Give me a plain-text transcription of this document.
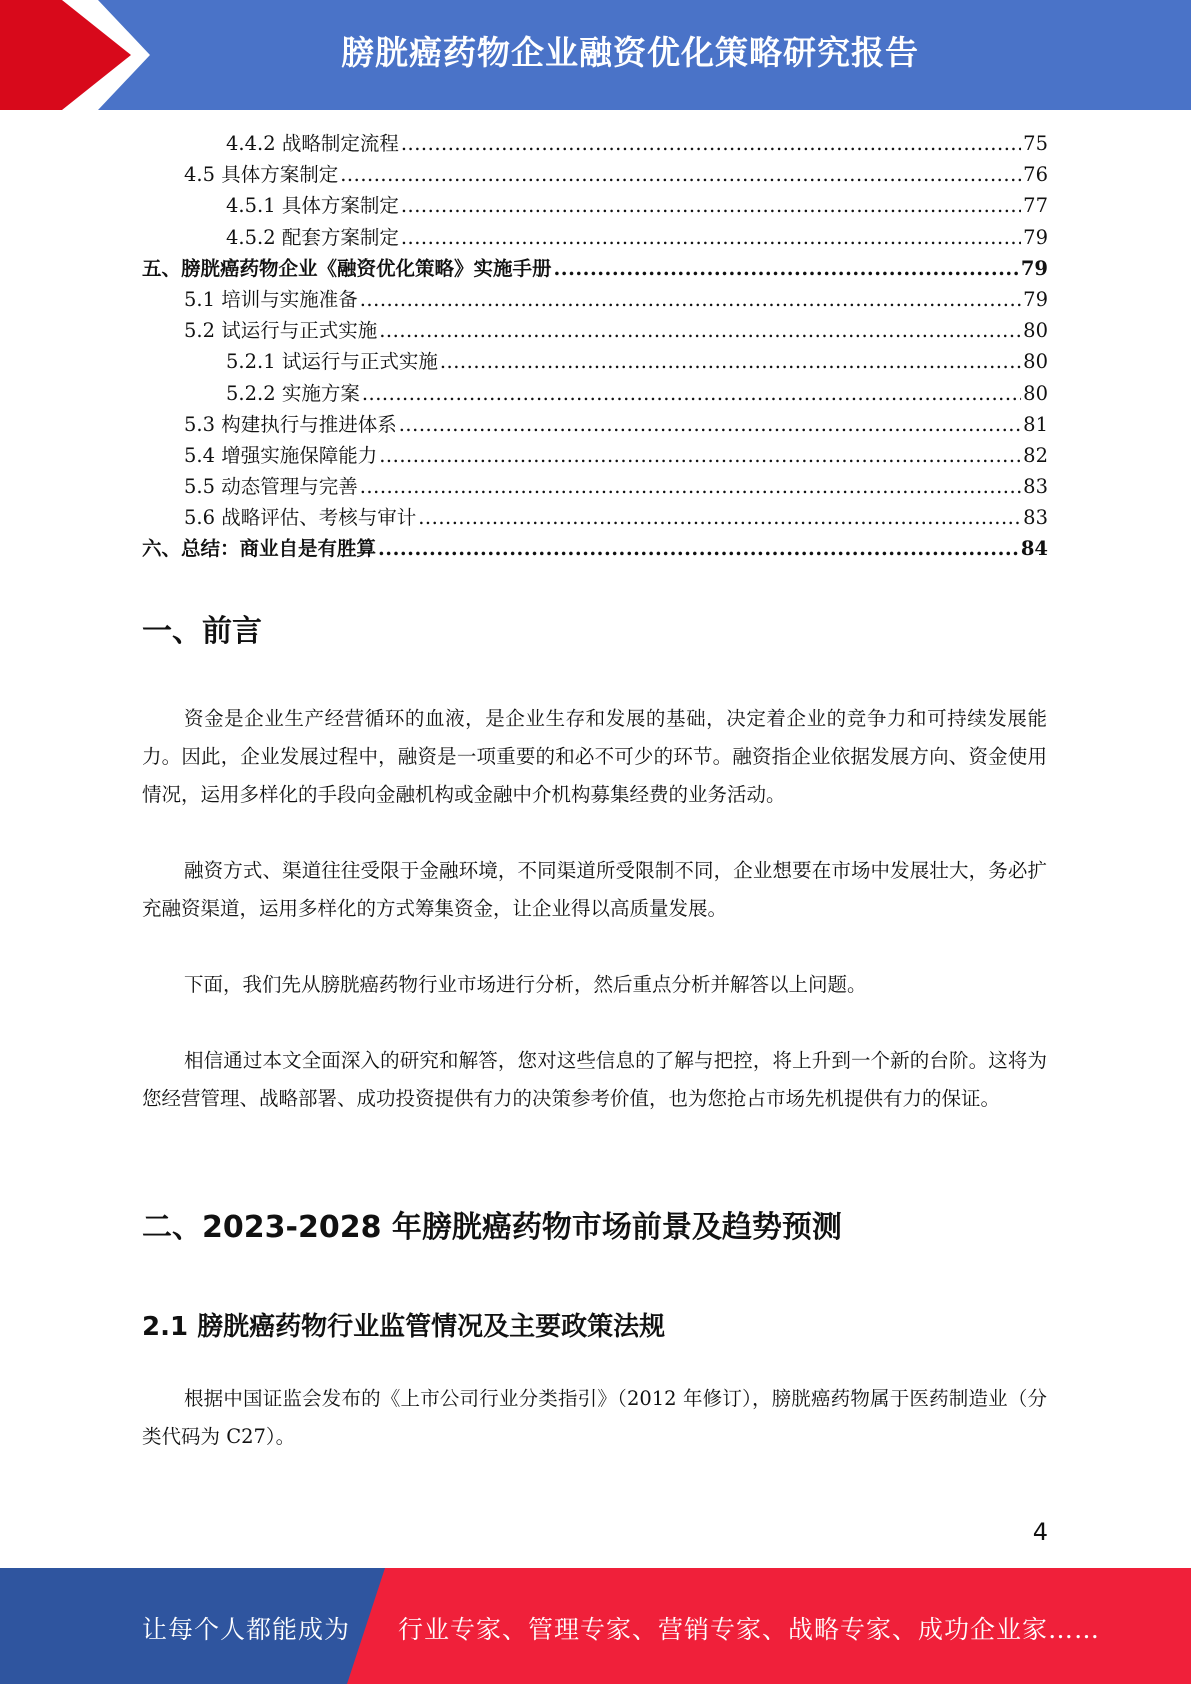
膀胱癌药物企业融资优化策略研究报告
4.4.2 战略制定流程 .....	75
4.5 具体方案制定 .....	76
4.5.1 具体方案制定 .....	77
4.5.2 配套方案制定 .....	79
五、膀胱癌药物企业《融资优化策略》实施手册 .....	79
5.1 培训与实施准备 .....	79
5.2 试运行与正式实施 .....	80
5.2.1 试运行与正式实施 .....	80
5.2.2 实施方案 .....	80
5.3 构建执行与推进体系 .....	81
5.4 增强实施保障能力 .....	82
5.5 动态管理与完善 .....	83
5.6 战略评估、考核与审计 .....	83
六、总结：商业自是有胜算 .....	84
一、前言

资金是企业生产经营循环的血液，是企业生存和发展的基础，决定着企业的竞争力和可持续发展能力。因此，企业发展过程中，融资是一项重要的和必不可少的环节。融资指企业依据发展方向、资金使用情况，运用多样化的手段向金融机构或金融中介机构募集经费的业务活动。

融资方式、渠道往往受限于金融环境，不同渠道所受限制不同，企业想要在市场中发展壮大，务必扩充融资渠道，运用多样化的方式筹集资金，让企业得以高质量发展。

下面，我们先从膀胱癌药物行业市场进行分析，然后重点分析并解答以上问题。

相信通过本文全面深入的研究和解答，您对这些信息的了解与把控，将上升到一个新的台阶。这将为您经营管理、战略部署、成功投资提供有力的决策参考价值，也为您抢占市场先机提供有力的保证。

二、2023-2028 年膀胱癌药物市场前景及趋势预测
2.1 膀胱癌药物行业监管情况及主要政策法规

根据中国证监会发布的《上市公司行业分类指引》（2012 年修订），膀胱癌药物属于医药制造业（分类代码为 C27）。

4
让每个人都能成为 行业专家、管理专家、营销专家、战略专家、成功企业家……
